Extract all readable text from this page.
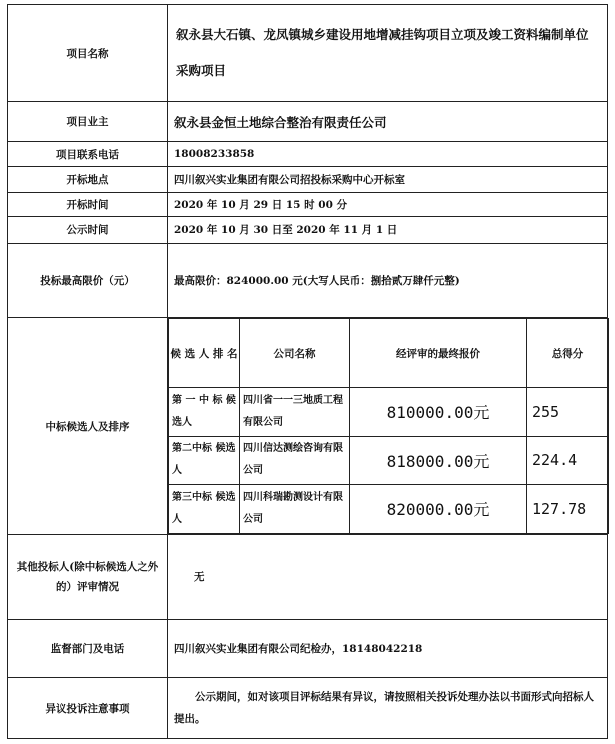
项目名称	叙永县大石镇、龙凤镇城乡建设用地增减挂钩项目立项及竣工资料编制单位采购项目
项目业主	叙永县金恒土地综合整治有限责任公司
项目联系电话	18008233858
开标地点	四川叙兴实业集团有限公司招投标采购中心开标室
开标时间	2020 年 10 月 29 日 15 时 00 分
公示时间	2020 年 10 月 30 日至 2020 年 11 月 1 日
投标最高限价（元）	最高限价：824000.00 元(大写人民币：捌拾贰万肆仟元整)
中标候选人及排序	
候 选 人 排 名	公司名称	经评审的最终报价	总得分
第 一 中 标 候选人	四川省一一三地质工程有限公司	810000.00元	255
第二中标 候选人	四川信达测绘咨询有限公司	818000.00元	224.4
第三中标 候选人	四川科瑞勘测设计有限公司	820000.00元	127.78

其他投标人(除中标候选人之外的）评审情况	无
监督部门及电话	四川叙兴实业集团有限公司纪检办，18148042218
异议投诉注意事项	公示期间，如对该项目评标结果有异议，请按照相关投诉处理办法以书面形式向招标人提出。
